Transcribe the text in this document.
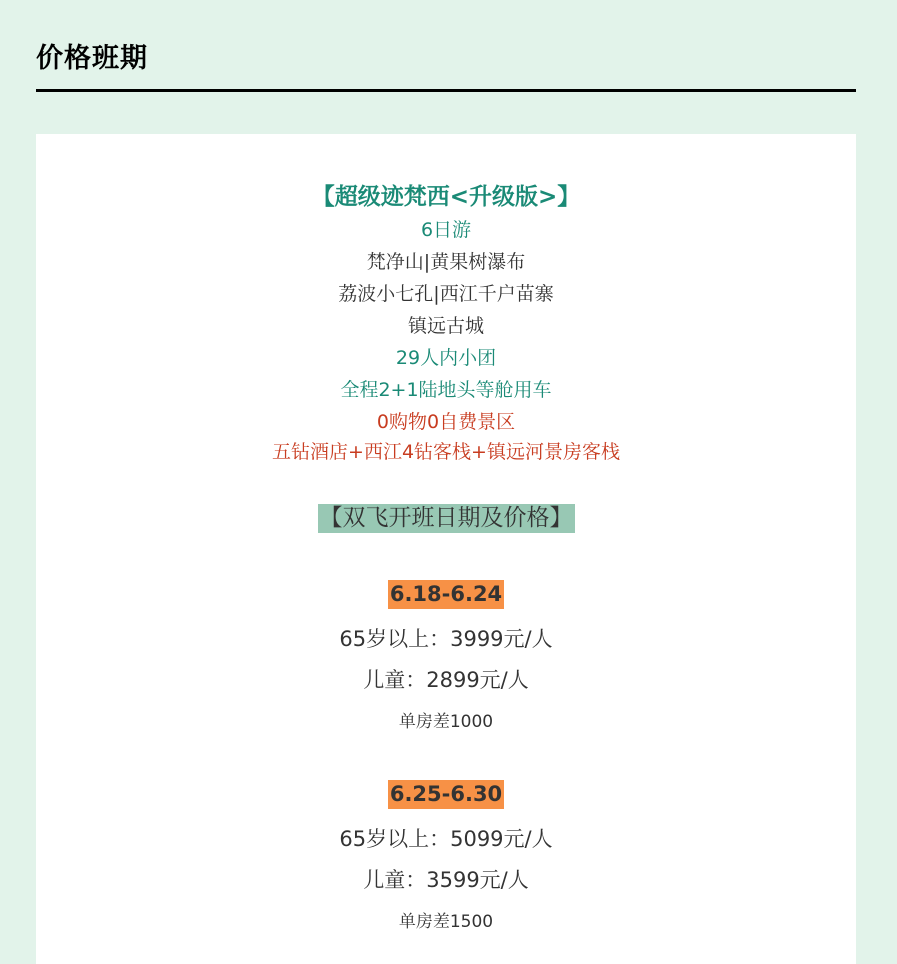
价格班期
【超级迹梵西<升级版>】
6日游
梵净山|黄果树瀑布
荔波小七孔|西江千户苗寨
镇远古城
29人内小团
全程2+1陆地头等舱用车
0购物0自费景区
五钻酒店+西江4钻客栈+镇远河景房客栈
【双飞开班日期及价格】
6.18-6.24
65岁以上：3999元/人
儿童：2899元/人
单房差1000
6.25-6.30
65岁以上：5099元/人
儿童：3599元/人
单房差1500
